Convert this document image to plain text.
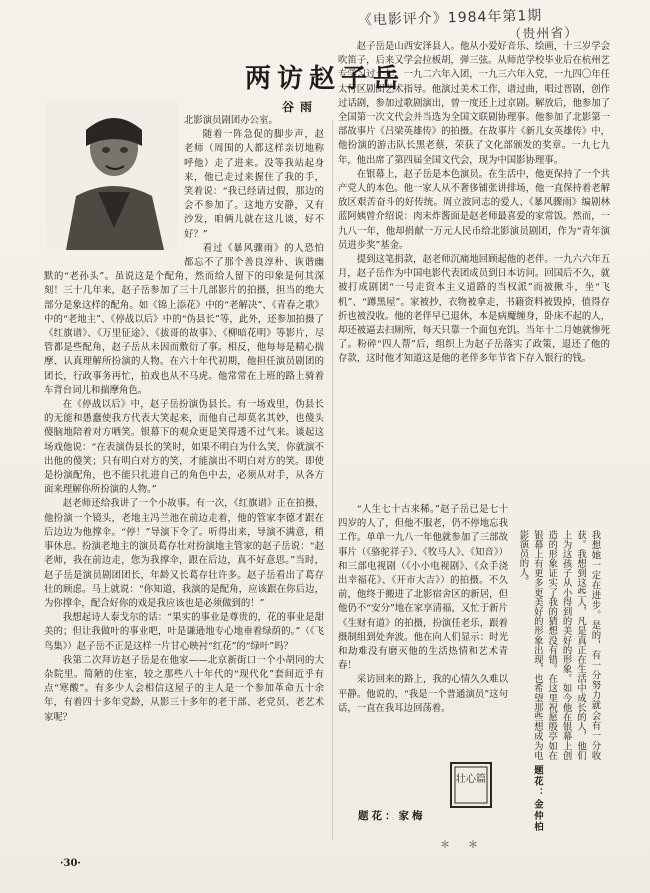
《电影评介》1984年第1期
（贵州省）
两访赵子岳
谷雨

北影演员剧团办公室。

随着一阵急促的脚步声，赵老师（周围的人都这样亲切地称呼他）走了进来。没等我站起身来，他已走过来握住了我的手，笑着说：“我已经请过假，那边的会不参加了。这地方安静，又有沙发，咱俩儿就在这儿谈，好不好？”

看过《暴风骤雨》的人恐怕都忘不了那个善良淳朴、诙谐幽默的“老孙头”。虽说这是个配角，然而给人留下的印象是何其深刻！三十几年来，赵子岳参加了三十几部影片的拍摄，担当的绝大部分是象这样的配角。如《锦上添花》中的“老解决”、《青春之歌》中的“老地主”、《停战以后》中的“伪县长”等，此外，还参加拍摄了《红旗谱》、《万里征途》、《拔哥的故事》、《柳暗花明》等影片，尽管都是些配角，赵子岳从未因而敷衍了事。相反，他每每是精心揣摩、认真理解所扮演的人物。在六十年代初期，他担任演员剧团的团长，行政事务再忙，拍戏也从不马虎。他常常在上班的路上骑着车背台词儿和揣摩角色。

在《停战以后》中，赵子岳扮演伪县长。有一场戏里，伪县长的无能和愚蠢使我方代表大笑起来，而他自己却莫名其妙，也傻头傻脑地陪着对方哂笑。银幕下的观众更是笑得透不过气来。谈起这场戏他说：“在表演伪县长的笑时，如果不明白为什么笑，你就演不出他的傻笑；只有明白对方的笑，才能演出不明白对方的笑。即使是扮演配角，也不能只扎进自己的角色中去，必须从对手，从各方面来理解你所扮演的人物。”

赵老师还给我讲了一个小故事。有一次，《红旗谱》正在拍摄，他扮演一个镜头，老地主冯兰池在前边走着，他的管家李德才跟在后边边为他撑伞。“停！”导演下令了。听得出来，导演不满意，稍事休息。扮演老地主的演员葛存壮对扮演地主管家的赵子岳说：“赵老师，我在前边走，您为我撑伞，跟在后边，真不好意思。”当时，赵子岳是演员剧团团长，年龄又长葛存壮许多。赵子岳看出了葛存壮的顾虑。马上就说：“你知道，我演的是配角，应该跟在你后边，为你撑伞，配合好你的戏是我应该也是必须做到的！”

我想起诗人泰戈尔的话：“果实的事业是尊贵的，花的事业是甜美的；但让我做叶的事业吧，叶是谦逊地专心地垂着绿荫的。”（《飞鸟集》）赵子岳不正是这样一片甘心映衬“红花”的“绿叶”吗？

我第二次拜访赵子岳是在他家——北京新街口一个小胡同的大杂院里。简陋的住室，较之那些八十年代的“现代化”套间近乎有点“寒酸”。有多少人会相信这屋子的主人是一个参加革命五十余年，有着四十多年党龄，从影三十多年的老干部、老党员、老艺术家呢？

赵子岳是山西安泽县人。他从小爱好音乐、绘画，十三岁学会吹笛子，后来又学会拉板胡，弹三弦。从师范学校毕业后在杭州艺专学习过一年。一九二六年入团，一九三六年入党，一九四〇年任太行区剧团艺术指导。他演过美术工作，谱过曲，唱过晋剧，创作过话剧，参加过歌剧演出，曾一度还上过京剧。解放后，他参加了全国第一次文代会并当选为全国文联剧协理事。他参加了北影第一部故事片《吕梁英雄传》的拍摄。在故事片《新儿女英雄传》中，他扮演的游击队长黑老蔡，荣获了文化部颁发的奖章。一九七九年，他出席了第四届全国文代会，现为中国影协理事。

在银幕上，赵子岳是本色演员。在生活中，他更保持了一个共产党人的本色。他一家人从不奢侈铺张讲排场，他一直保持着老解放区艰苦奋斗的好传统。周立波同志的爱人、《暴风骤雨》编剧林蓝阿姨曾介绍说：肉末炸酱面是赵老师最喜爱的家常饭。然而，一九八一年，他却捐献一万元人民币给北影演员剧团，作为“青年演员进步奖”基金。

提到这笔捐款，赵老师沉痛地回顾起他的老伴。一九六六年五月，赵子岳作为中国电影代表团成员到日本访问。回国后不久，就被打成剧团“一号走资本主义道路的当权派”而被揪斗，坐“飞机”、“蹲黑屋”。家被抄，衣物被拿走，书籍资料被毁掉，值得存折也被没收。他的老伴早已退休，本是病魔缠身，卧床不起的人，却还被逼去扫厕所，每天只靠一个面包充饥。当年十二月她就惨死了。粉碎“四人帮”后，组织上为赵子岳落实了政策，退还了他的存款，这时他才知道这是他的老伴多年节省下存入银行的钱。

“人生七十古来稀。”赵子岳已是七十四岁的人了，但他不服老，仍不停地忘我工作。单单一九八一年他就参加了三部故事片（《骆驼祥子》、《牧马人》、《知音》）和三部电视剧（《小小电视剧》、《众手浇出幸福花》、《开市大吉》）的拍摄。不久前，他终于搬进了北影宿舍区的新居，但他仍不“安分”地在家享清福，又忙于新片《生财有道》的拍摄，扮演任老乐，跟着摄制组到处奔波。他在向人们显示：时光和劫难没有磨灭他的生活热情和艺术青春！

采访回来的路上，我的心情久久难以平静。他说的，“我是一个普通演员”这句话，一直在我耳边回荡着。	我想她一定在进步。是的，有一分努力就会有一分收获。我想到这些人，凡是真正在生活中成长的人，他们上为这孩子从小得到的美好的形象。如今他在银幕上创造的形象证实了我的猜想没有错。在这里祝愿殷亭如在银幕上有更多更美好的形象出现，也希望那些想成为电影演员的人。
壮心篇	题花：金仲柏
题花：家梅
＊　＊
·30·
